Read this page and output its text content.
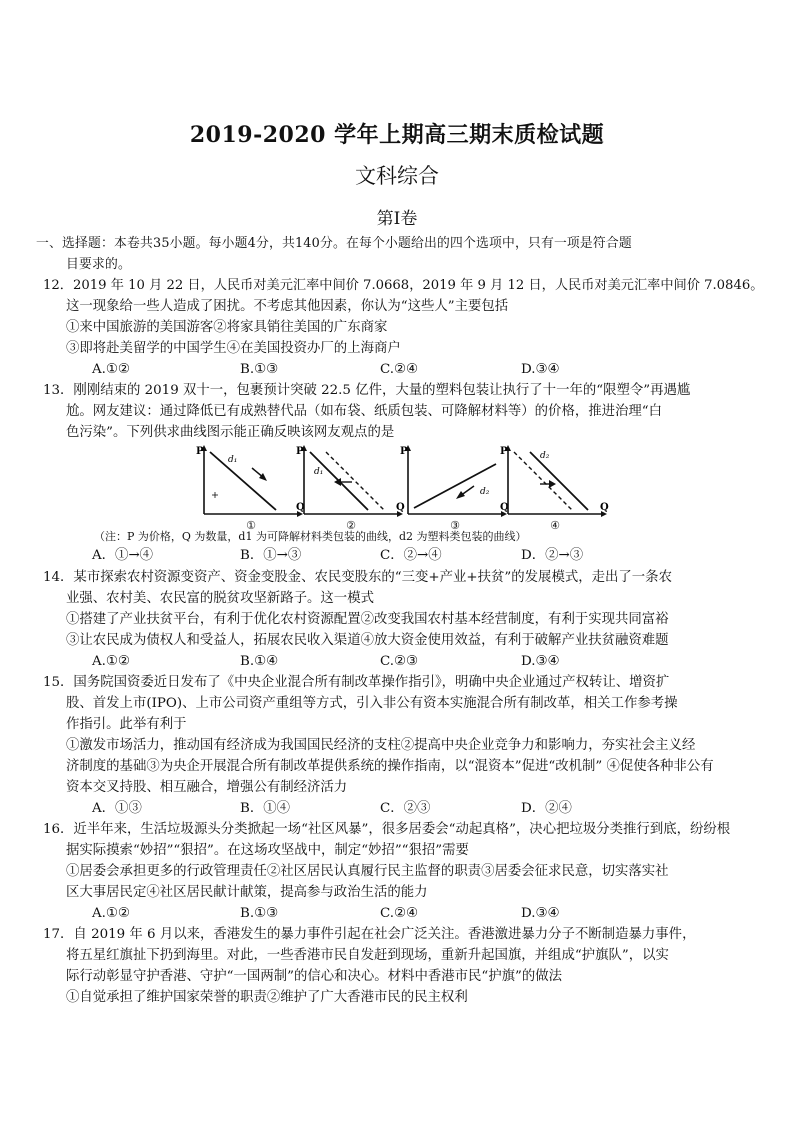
2019-2020 学年上期高三期末质检试题
文科综合
第Ⅰ卷
一、选择题：本卷共35小题。每小题4分，共140分。在每个小题给出的四个选项中，只有一项是符合题
目要求的。
12．2019 年 10 月 22 日，人民币对美元汇率中间价 7.0668，2019 年 9 月 12 日，人民币对美元汇率中间价 7.0846。
这一现象给一些人造成了困扰。不考虑其他因素，你认为“这些人”主要包括
①来中国旅游的美国游客②将家具销往美国的广东商家
③即将赴美留学的中国学生④在美国投资办厂的上海商户
A.①②	B.①③	C.②④	D.③④
13．刚刚结束的 2019 双十一，包裹预计突破 22.5 亿件，大量的塑料包装让执行了十一年的“限塑令”再遇尴
尬。网友建议：通过降低已有成熟替代品（如布袋、纸质包装、可降解材料等）的价格，推进治理“白
色污染”。下列供求曲线图示能正确反映该网友观点的是
P
Q
d₁
①
P
Q
d₁
②
P
Q
d₂
③
P
Q
d₂
④
（注：P 为价格，Q 为数量，d1 为可降解材料类包装的曲线，d2 为塑料类包装的曲线）
A．①→④	B．①→③	C．②→④	D．②→③
14．某市探索农村资源变资产、资金变股金、农民变股东的“三变+产业+扶贫”的发展模式，走出了一条农
业强、农村美、农民富的脱贫攻坚新路子。这一模式
①搭建了产业扶贫平台，有利于优化农村资源配置②改变我国农村基本经营制度，有利于实现共同富裕
③让农民成为债权人和受益人，拓展农民收入渠道④放大资金使用效益，有利于破解产业扶贫融资难题
A.①②	B.①④	C.②③	D.③④
15．国务院国资委近日发布了《中央企业混合所有制改革操作指引》，明确中央企业通过产权转让、增资扩
股、首发上市(IPO)、上市公司资产重组等方式，引入非公有资本实施混合所有制改革，相关工作参考操
作指引。此举有利于
①激发市场活力，推动国有经济成为我国国民经济的支柱②提高中央企业竞争力和影响力，夯实社会主义经
济制度的基础③为央企开展混合所有制改革提供系统的操作指南，以“混资本”促进“改机制” ④促使各种非公有
资本交叉持股、相互融合，增强公有制经济活力
A．①③	B．①④	C．②③	D．②④
16．近半年来，生活垃圾源头分类掀起一场“社区风暴”，很多居委会“动起真格”，决心把垃圾分类推行到底，纷纷根
据实际摸索“妙招”“狠招”。在这场攻坚战中，制定“妙招”“狠招”需要
①居委会承担更多的行政管理责任②社区居民认真履行民主监督的职责③居委会征求民意，切实落实社
区大事居民定④社区居民献计献策，提高参与政治生活的能力
A.①②	B.①③	C.②④	D.③④
17．自 2019 年 6 月以来，香港发生的暴力事件引起在社会广泛关注。香港激进暴力分子不断制造暴力事件，
将五星红旗扯下扔到海里。对此，一些香港市民自发赶到现场，重新升起国旗，并组成“护旗队”，以实
际行动彰显守护香港、守护“一国两制”的信心和决心。材料中香港市民“护旗”的做法
①自觉承担了维护国家荣誉的职责②维护了广大香港市民的民主权利
